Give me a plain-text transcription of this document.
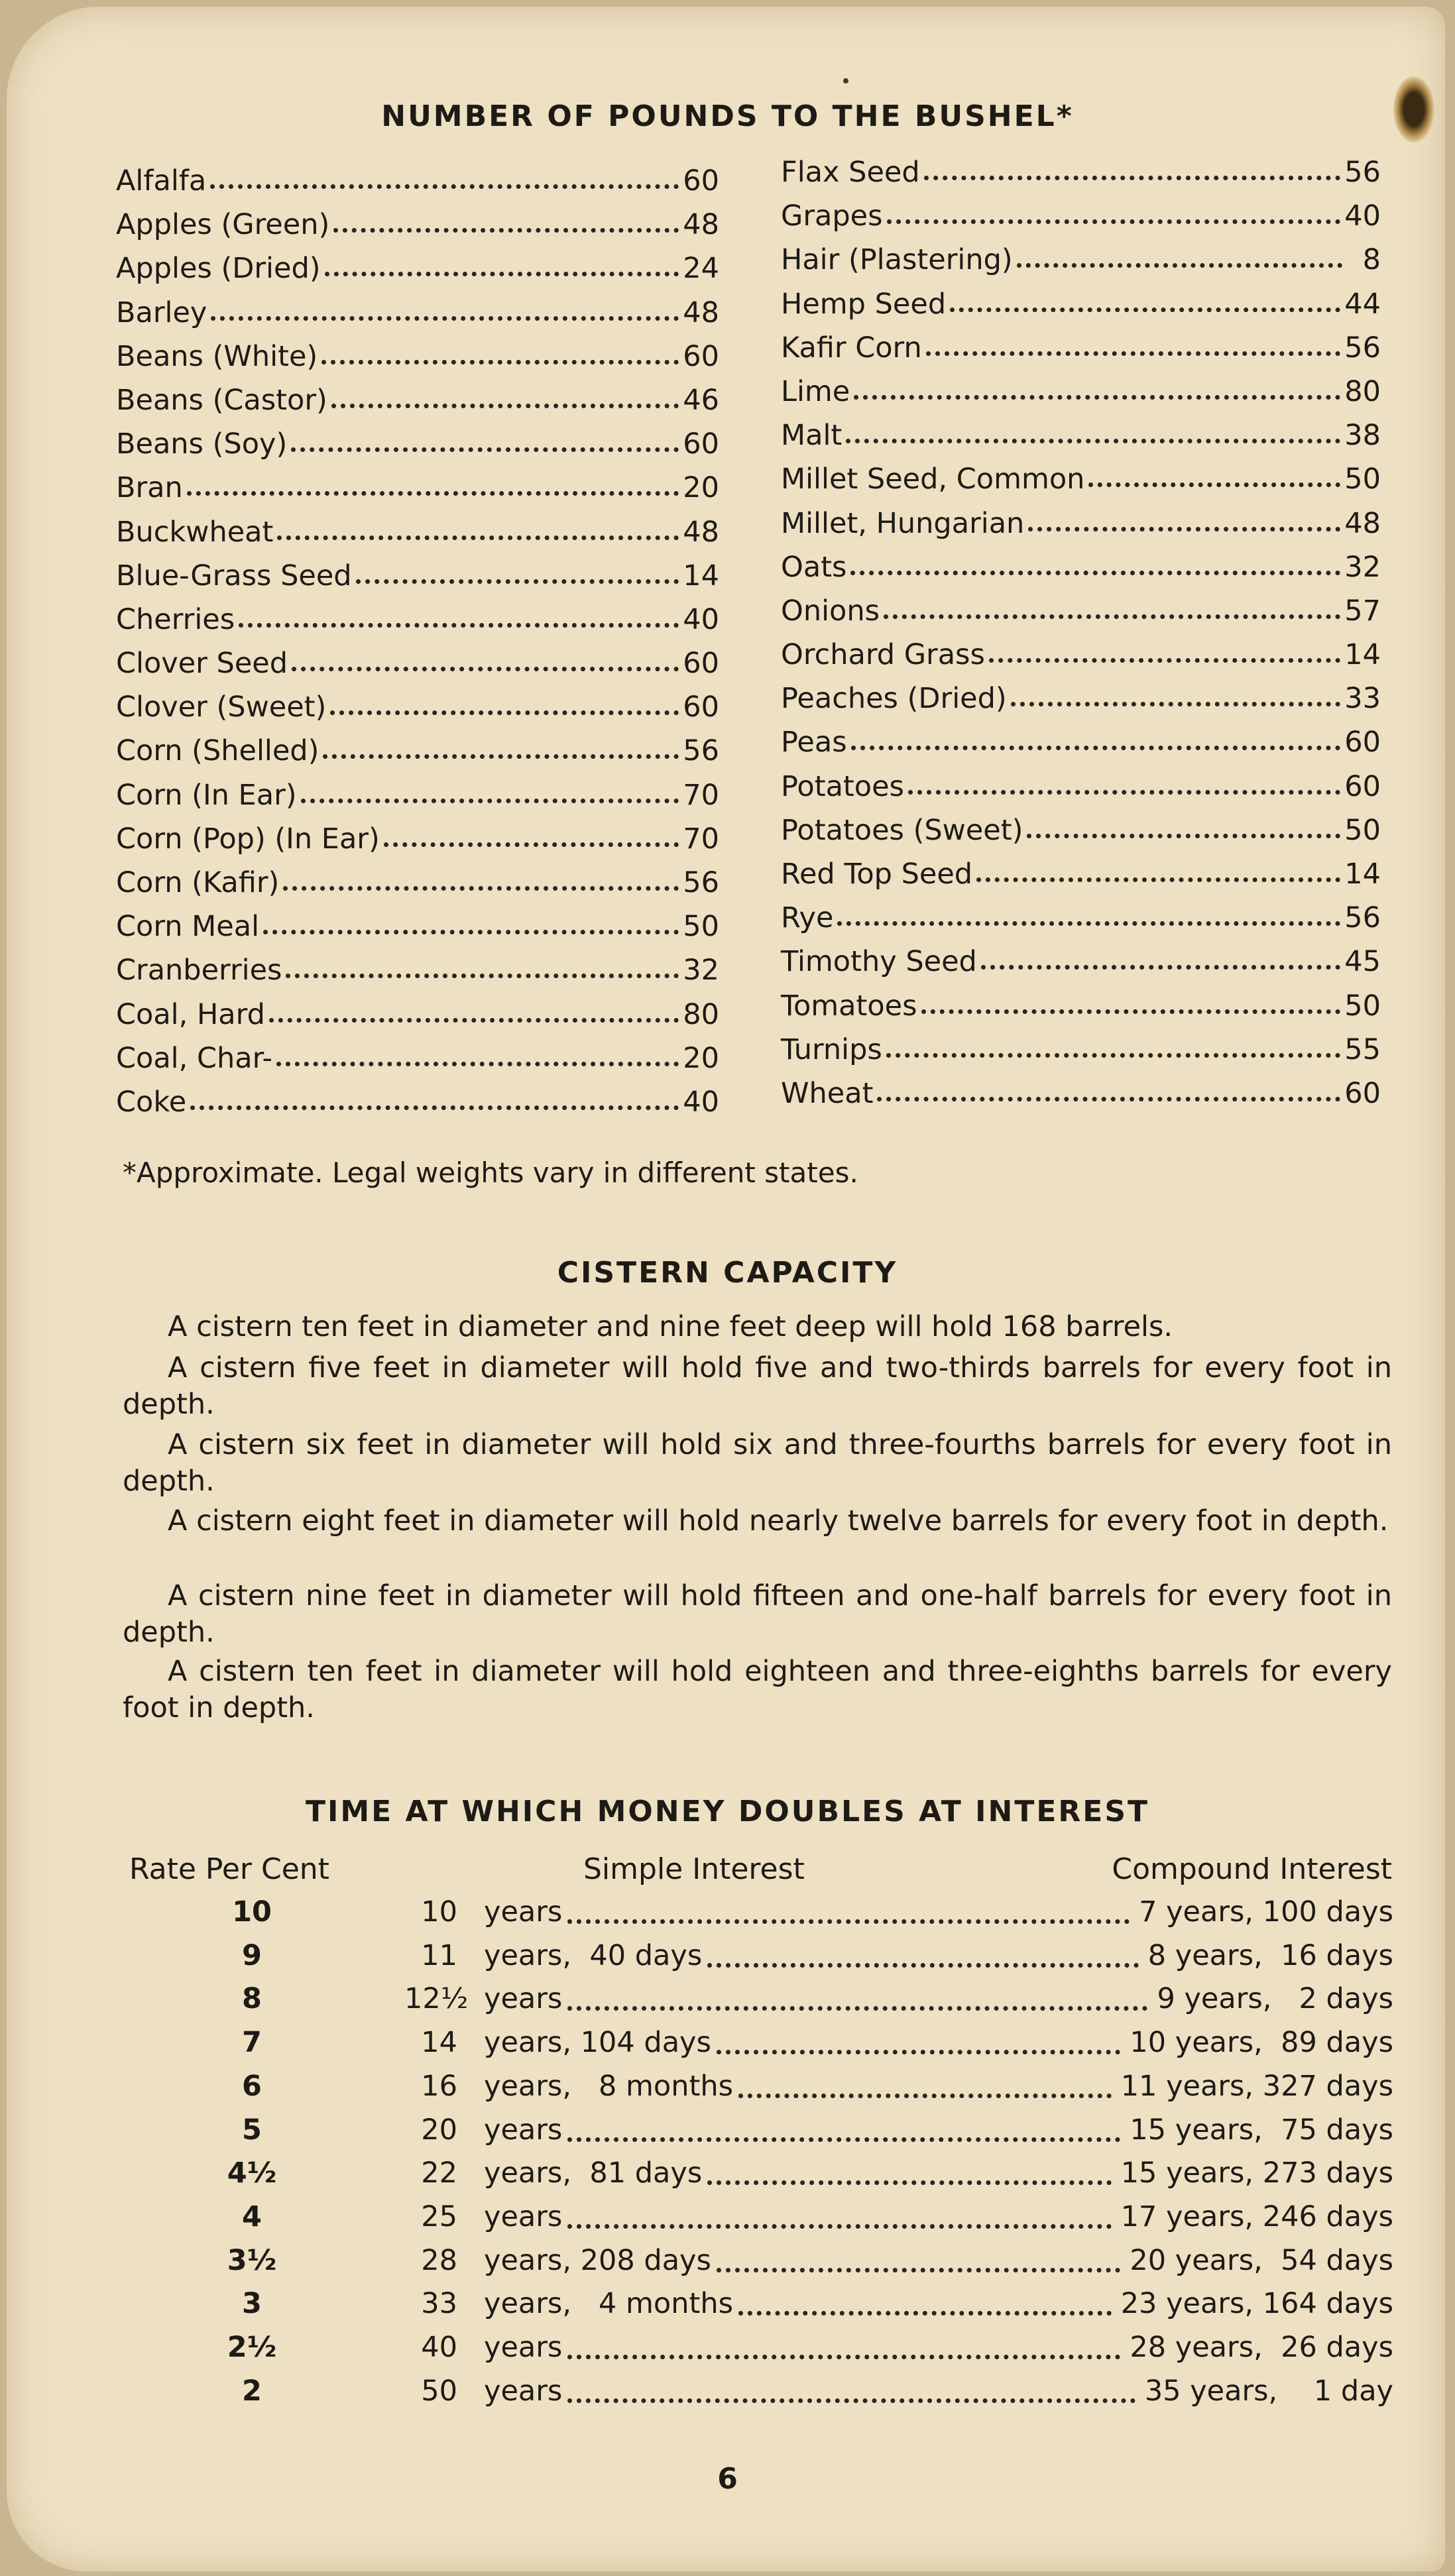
NUMBER OF POUNDS TO THE BUSHEL*
Alfalfa	60
Apples (Green)	48
Apples (Dried)	24
Barley	48
Beans (White)	60
Beans (Castor)	46
Beans (Soy)	60
Bran	20
Buckwheat	48
Blue-Grass Seed	14
Cherries	40
Clover Seed	60
Clover (Sweet)	60
Corn (Shelled)	56
Corn (In Ear)	70
Corn (Pop) (In Ear)	70
Corn (Kafir)	56
Corn Meal	50
Cranberries	32
Coal, Hard	80
Coal, Char-	20
Coke	40
Flax Seed	56
Grapes	40
Hair (Plastering)	8
Hemp Seed	44
Kafir Corn	56
Lime	80
Malt	38
Millet Seed, Common	50
Millet, Hungarian	48
Oats	32
Onions	57
Orchard Grass	14
Peaches (Dried)	33
Peas	60
Potatoes	60
Potatoes (Sweet)	50
Red Top Seed	14
Rye	56
Timothy Seed	45
Tomatoes	50
Turnips	55
Wheat	60
*Approximate. Legal weights vary in different states.
CISTERN CAPACITY
A cistern ten feet in diameter and nine feet deep will hold 168 barrels.
A cistern five feet in diameter will hold five and two-thirds barrels for every foot in depth.
A cistern six feet in diameter will hold six and three-fourths barrels for every foot in depth.
A cistern eight feet in diameter will hold nearly twelve barrels for every foot in depth.
A cistern nine feet in diameter will hold fifteen and one-half barrels for every foot in depth.
A cistern ten feet in diameter will hold eighteen and three-eighths barrels for every foot in depth.
TIME AT WHICH MONEY DOUBLES AT INTEREST
Rate Per Cent	Simple Interest	Compound Interest
10	10 years	7 years, 100 days
9	11 years,  40 days	8 years,  16 days
8	12½ years	9 years,   2 days
7	14 years, 104 days	10 years,  89 days
6	16 years,   8 months	11 years, 327 days
5	20 years	15 years,  75 days
4½	22 years,  81 days	15 years, 273 days
4	25 years	17 years, 246 days
3½	28 years, 208 days	20 years,  54 days
3	33 years,   4 months	23 years, 164 days
2½	40 years	28 years,  26 days
2	50 years	35 years,    1 day
6
